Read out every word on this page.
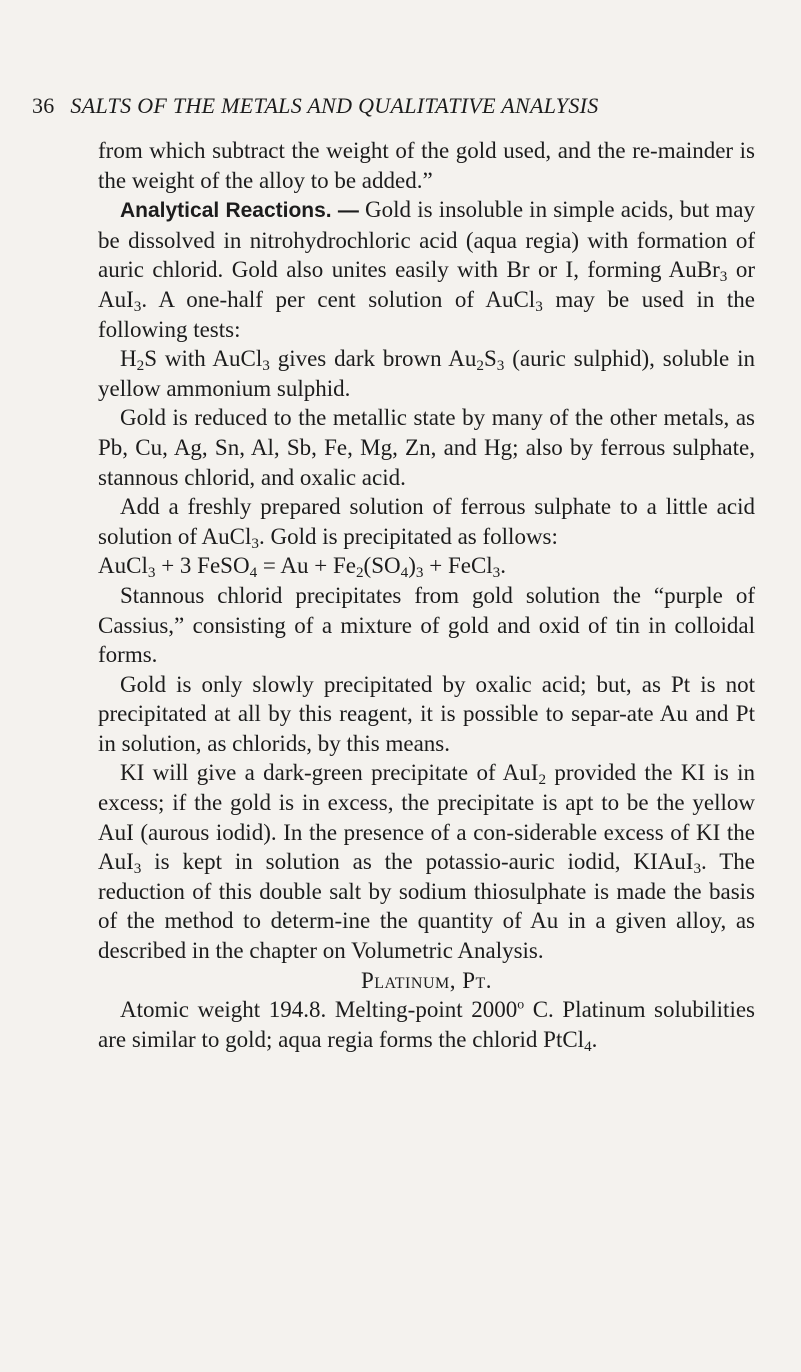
36 SALTS OF THE METALS AND QUALITATIVE ANALYSIS

from which subtract the weight of the gold used, and the re-mainder is the weight of the alloy to be added.”

Analytical Reactions. — Gold is insoluble in simple acids, but may be dissolved in nitrohydrochloric acid (aqua regia) with formation of auric chlorid. Gold also unites easily with Br or I, forming AuBr$_3$ or AuI$_3$. A one-half per cent solution of AuCl$_3$ may be used in the following tests:

$H_2S$ with AuCl$_3$ gives dark brown $Au_2S_3$ (auric sulphid), soluble in yellow ammonium sulphid.

Gold is reduced to the metallic state by many of the other metals, as Pb, Cu, Ag, Sn, Al, Sb, Fe, Mg, Zn, and Hg; also by ferrous sulphate, stannous chlorid, and oxalic acid.

Add a freshly prepared solution of ferrous sulphate to a little acid solution of AuCl$_3$. Gold is precipitated as follows:

AuCl$_3$ + 3 FeSO$_4$ = $Au + Fe_2(SO_4)_3$ + FeCl$_3$.

Stannous chlorid precipitates from gold solution the “purple of Cassius,” consisting of a mixture of gold and oxid of tin in colloidal forms.

Gold is only slowly precipitated by oxalic acid; but, as Pt is not precipitated at all by this reagent, it is possible to separ-ate Au and Pt in solution, as chlorids, by this means.

KI will give a dark-green precipitate of AuI$_2$ provided the KI is in excess; if the gold is in excess, the precipitate is apt to be the yellow AuI (aurous iodid). In the presence of a con-siderable excess of KI the AuI$_3$ is kept in solution as the potassio-auric iodid, KIAuI$_3$. The reduction of this double salt by sodium thiosulphate is made the basis of the method to determ-ine the quantity of Au in a given alloy, as described in the chapter on Volumetric Analysis.

Platinum, Pt.

Atomic weight 194.8. Melting-point 2000$^o$ C. Platinum solubilities are similar to gold; aqua regia forms the chlorid PtCl$_4$.
